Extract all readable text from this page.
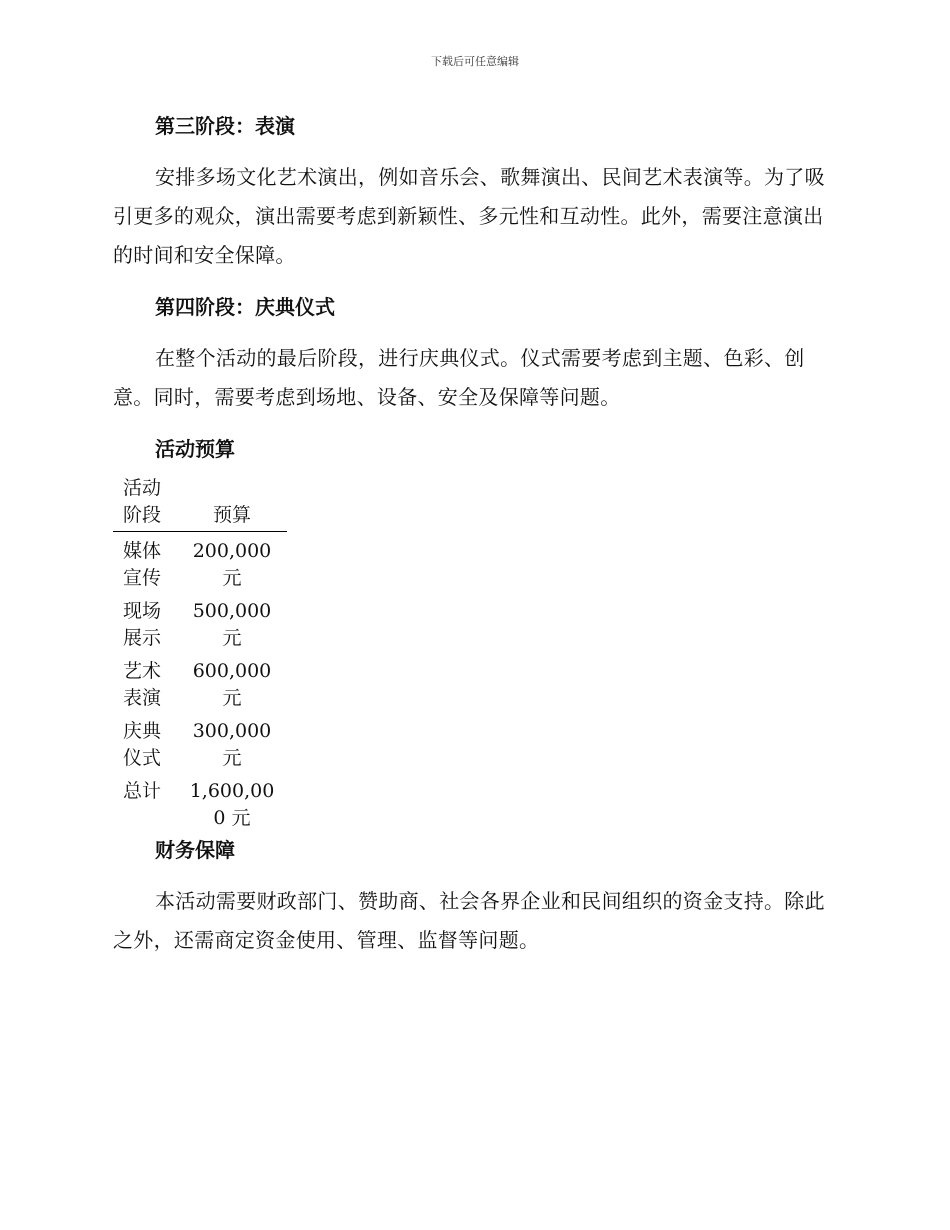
下载后可任意编辑
第三阶段：表演

安排多场文化艺术演出，例如音乐会、歌舞演出、民间艺术表演等。为了吸引更多的观众，演出需要考虑到新颖性、多元性和互动性。此外，需要注意演出的时间和安全保障。

第四阶段：庆典仪式

在整个活动的最后阶段，进行庆典仪式。仪式需要考虑到主题、色彩、创意。同时，需要考虑到场地、设备、安全及保障等问题。

活动预算
活动阶段	预算
媒体宣传	200,000 元
现场展示	500,000 元
艺术表演	600,000 元
庆典仪式	300,000 元
总计	1,600,000 元
财务保障

本活动需要财政部门、赞助商、社会各界企业和民间组织的资金支持。除此之外，还需商定资金使用、管理、监督等问题。
